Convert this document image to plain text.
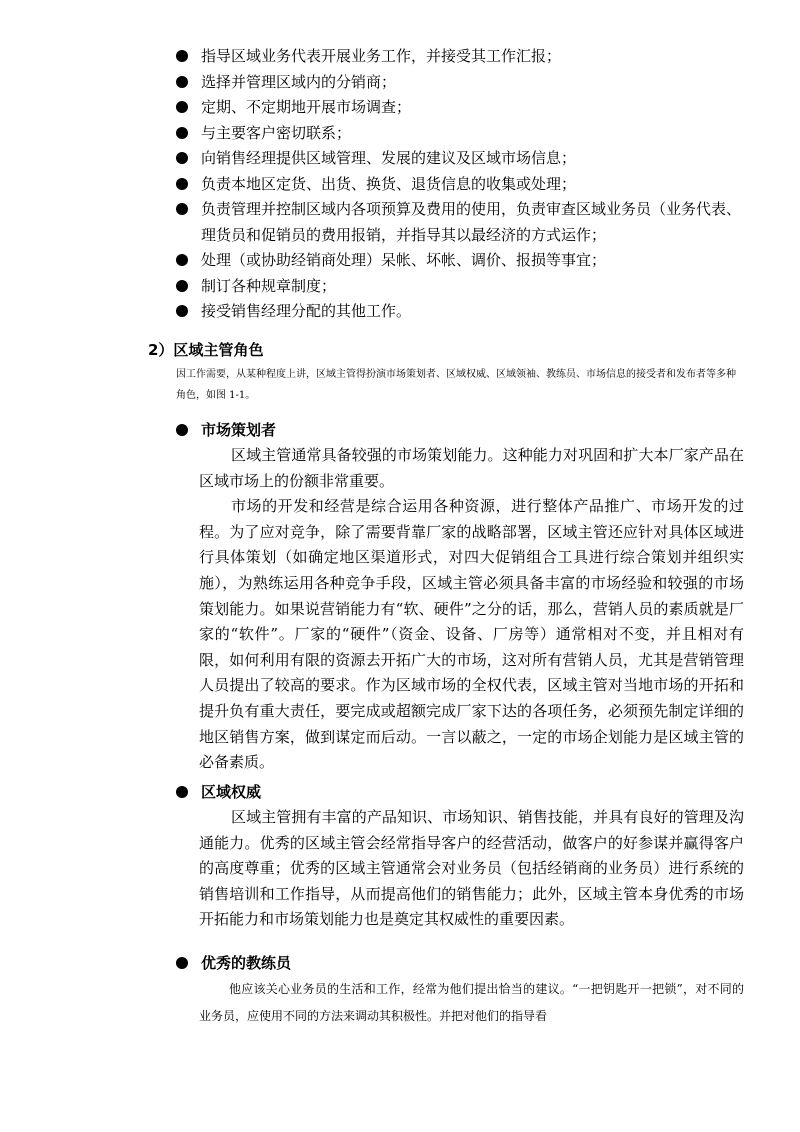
指导区域业务代表开展业务工作，并接受其工作汇报；
选择并管理区域内的分销商；
定期、不定期地开展市场调查；
与主要客户密切联系；
向销售经理提供区域管理、发展的建议及区域市场信息；
负责本地区定货、出货、换货、退货信息的收集或处理；
负责管理并控制区域内各项预算及费用的使用，负责审查区域业务员（业务代表、理货员和促销员的费用报销，并指导其以最经济的方式运作；
处理（或协助经销商处理）呆帐、坏帐、调价、报损等事宜；
制订各种规章制度；
接受销售经理分配的其他工作。
2）区域主管角色
因工作需要，从某种程度上讲，区域主管得扮演市场策划者、区域权威、区域领袖、教练员、市场信息的接受者和发布者等多种角色，如图 1-1。
市场策划者
区域主管通常具备较强的市场策划能力。这种能力对巩固和扩大本厂家产品在区域市场上的份额非常重要。
市场的开发和经营是综合运用各种资源，进行整体产品推广、市场开发的过程。为了应对竞争，除了需要背靠厂家的战略部署，区域主管还应针对具体区域进行具体策划（如确定地区渠道形式，对四大促销组合工具进行综合策划并组织实施），为熟练运用各种竞争手段，区域主管必须具备丰富的市场经验和较强的市场策划能力。如果说营销能力有“软、硬件”之分的话，那么，营销人员的素质就是厂家的“软件”。厂家的“硬件”（资金、设备、厂房等）通常相对不变，并且相对有限，如何利用有限的资源去开拓广大的市场，这对所有营销人员，尤其是营销管理人员提出了较高的要求。作为区域市场的全权代表，区域主管对当地市场的开拓和提升负有重大责任，要完成或超额完成厂家下达的各项任务，必须预先制定详细的地区销售方案，做到谋定而后动。一言以蔽之，一定的市场企划能力是区域主管的必备素质。
区域权威
区域主管拥有丰富的产品知识、市场知识、销售技能，并具有良好的管理及沟通能力。优秀的区域主管会经常指导客户的经营活动，做客户的好参谋并赢得客户的高度尊重；优秀的区域主管通常会对业务员（包括经销商的业务员）进行系统的销售培训和工作指导，从而提高他们的销售能力；此外，区域主管本身优秀的市场开拓能力和市场策划能力也是奠定其权威性的重要因素。
优秀的教练员
他应该关心业务员的生活和工作，经常为他们提出恰当的建议。“一把钥匙开一把锁”，对不同的业务员，应使用不同的方法来调动其积极性。并把对他们的指导看
